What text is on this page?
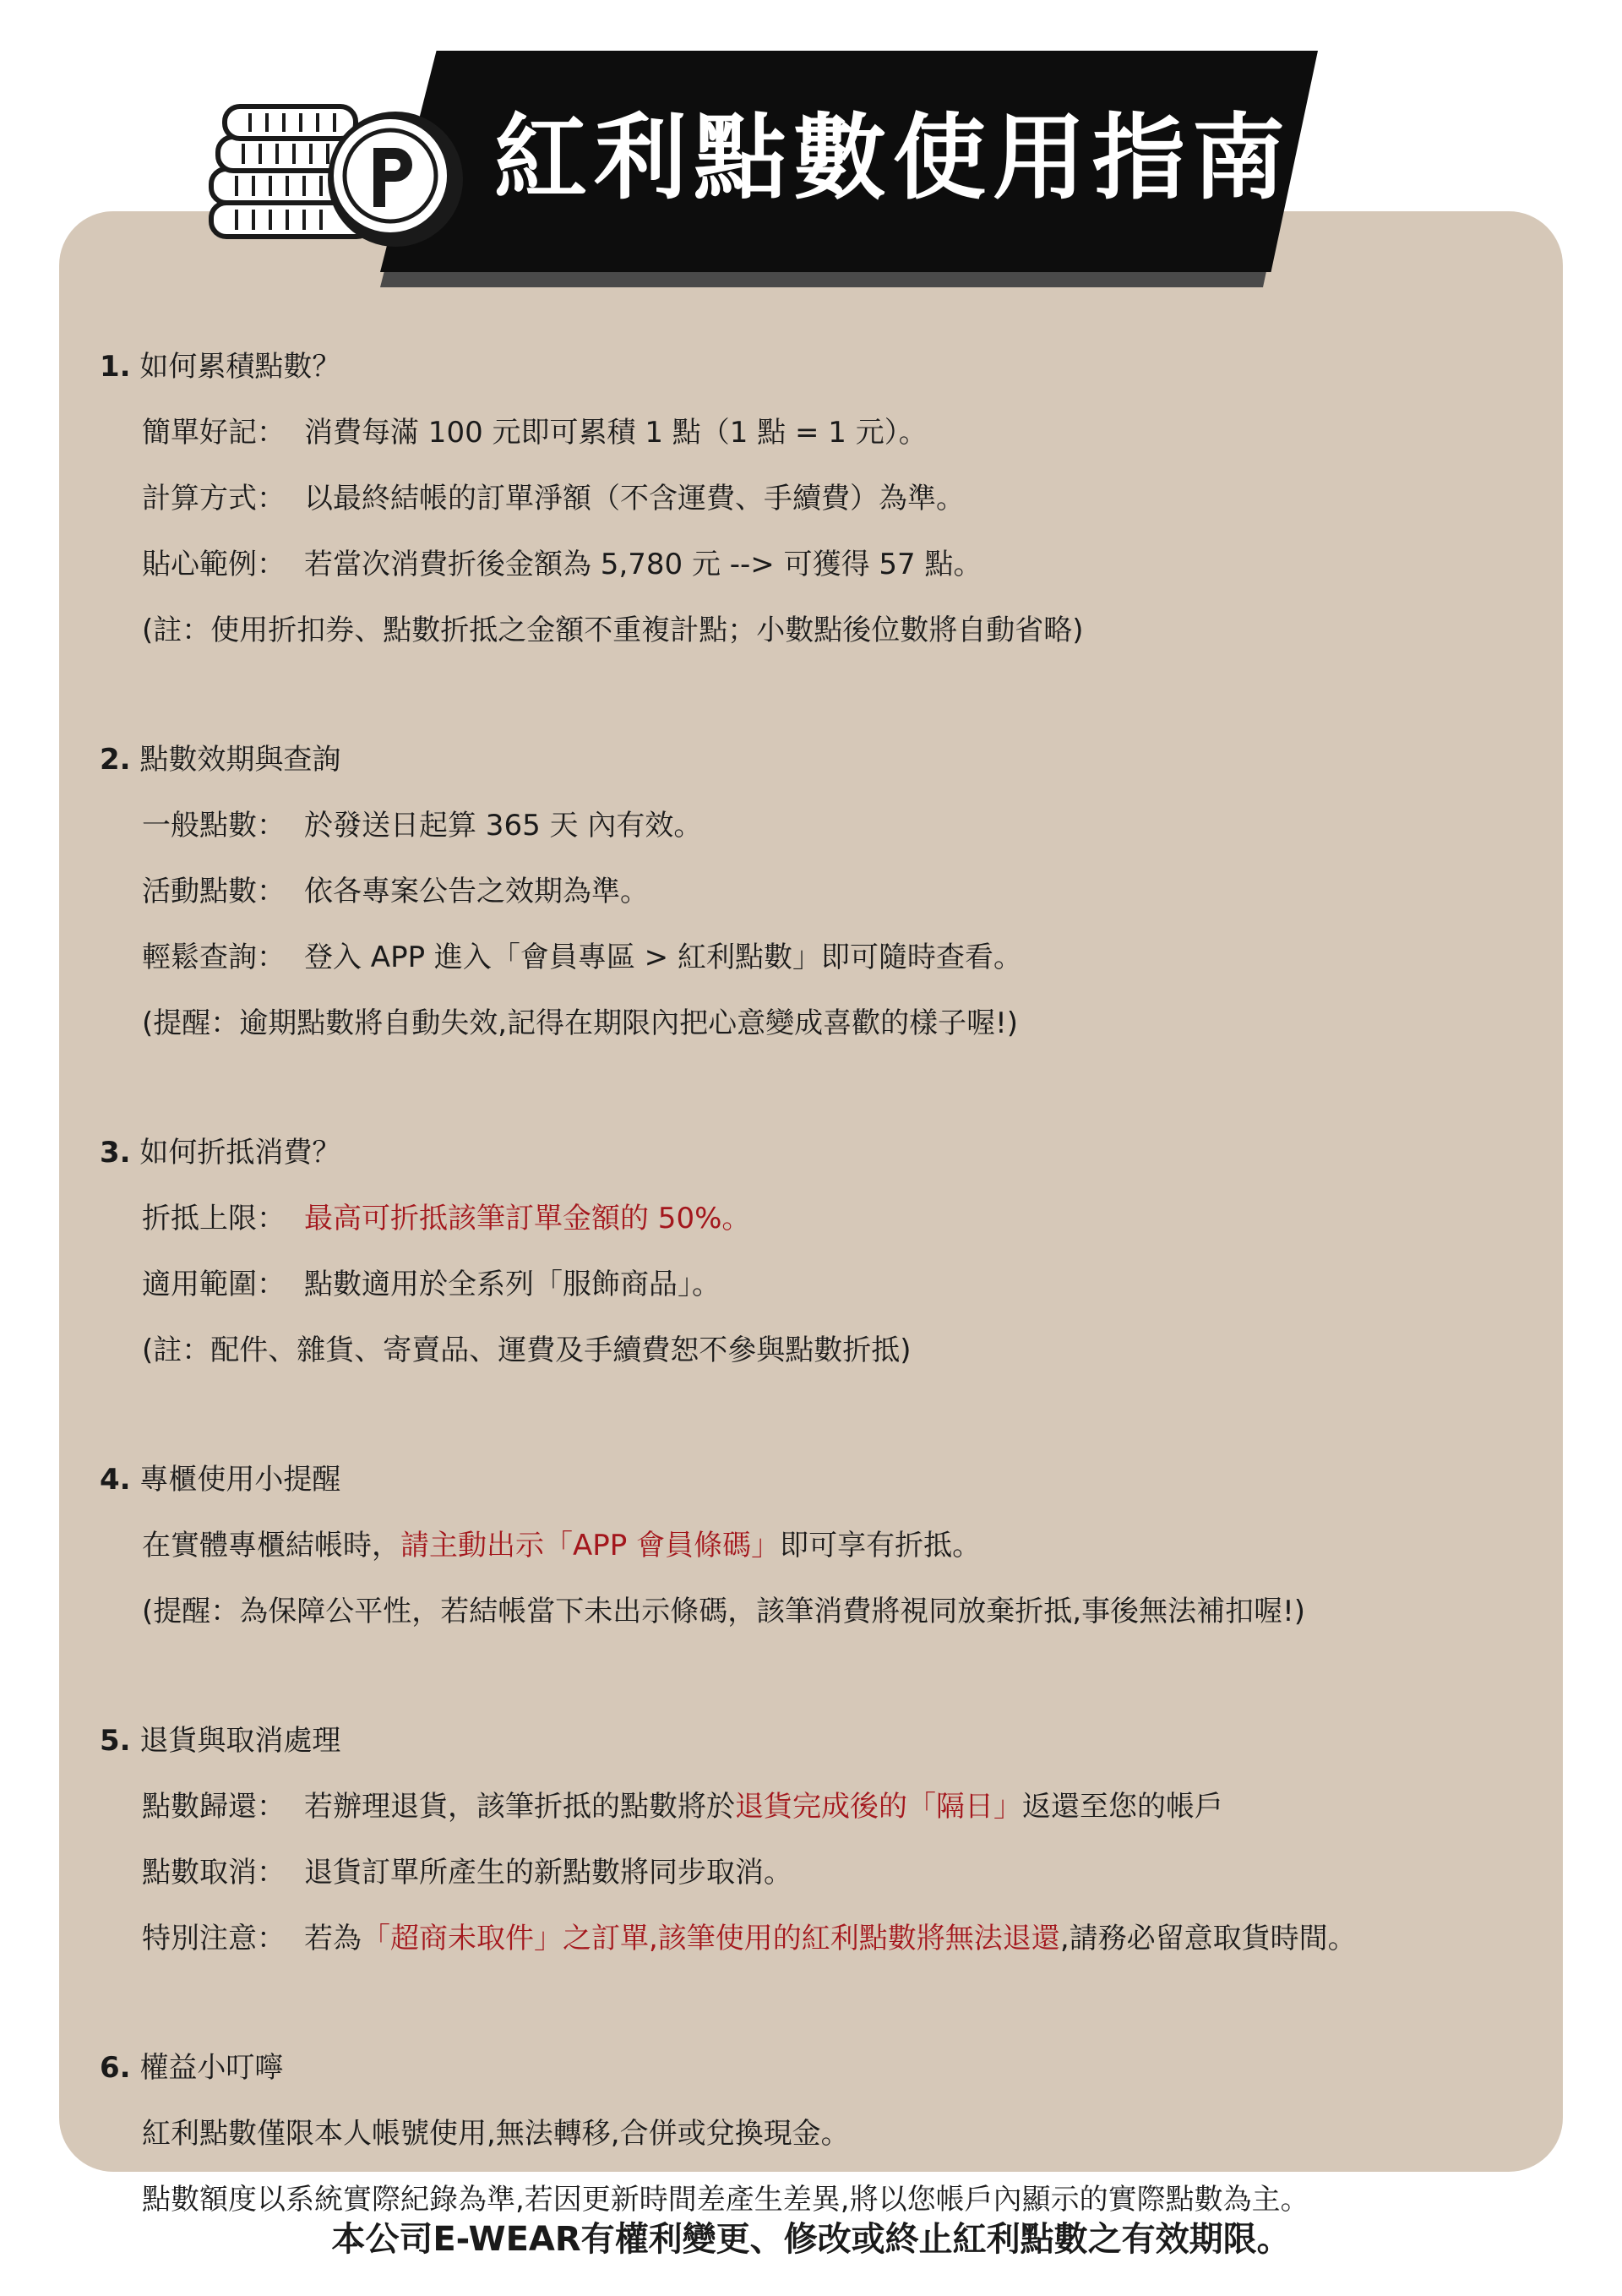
紅利點數使用指南
1. 如何累積點數？
簡單好記： 消費每滿 100 元即可累積 1 點（1 點 = 1 元）。
計算方式： 以最終結帳的訂單淨額（不含運費、手續費）為準。
貼心範例： 若當次消費折後金額為 5,780 元 --> 可獲得 57 點。
(註：使用折扣券、點數折抵之金額不重複計點；小數點後位數將自動省略)
2. 點數效期與查詢
一般點數： 於發送日起算 365 天 內有效。
活動點數： 依各專案公告之效期為準。
輕鬆查詢： 登入 APP 進入「會員專區 > 紅利點數」即可隨時查看。
(提醒：逾期點數將自動失效,記得在期限內把心意變成喜歡的樣子喔!)
3. 如何折抵消費？
折抵上限： 最高可折抵該筆訂單金額的 50%。
適用範圍： 點數適用於全系列「服飾商品」。
(註：配件、雜貨、寄賣品、運費及手續費恕不參與點數折抵)
4. 專櫃使用小提醒
在實體專櫃結帳時，請主動出示「APP 會員條碼」即可享有折抵。
(提醒：為保障公平性，若結帳當下未出示條碼，該筆消費將視同放棄折抵,事後無法補扣喔!)
5. 退貨與取消處理
點數歸還： 若辦理退貨，該筆折抵的點數將於退貨完成後的「隔日」返還至您的帳戶
點數取消： 退貨訂單所產生的新點數將同步取消。
特別注意： 若為「超商未取件」之訂單,該筆使用的紅利點數將無法退還,請務必留意取貨時間。
6. 權益小叮嚀
紅利點數僅限本人帳號使用,無法轉移,合併或兌換現金。
點數額度以系統實際紀錄為準,若因更新時間差產生差異,將以您帳戶內顯示的實際點數為主。
本公司E-WEAR有權利變更、修改或終止紅利點數之有效期限。
